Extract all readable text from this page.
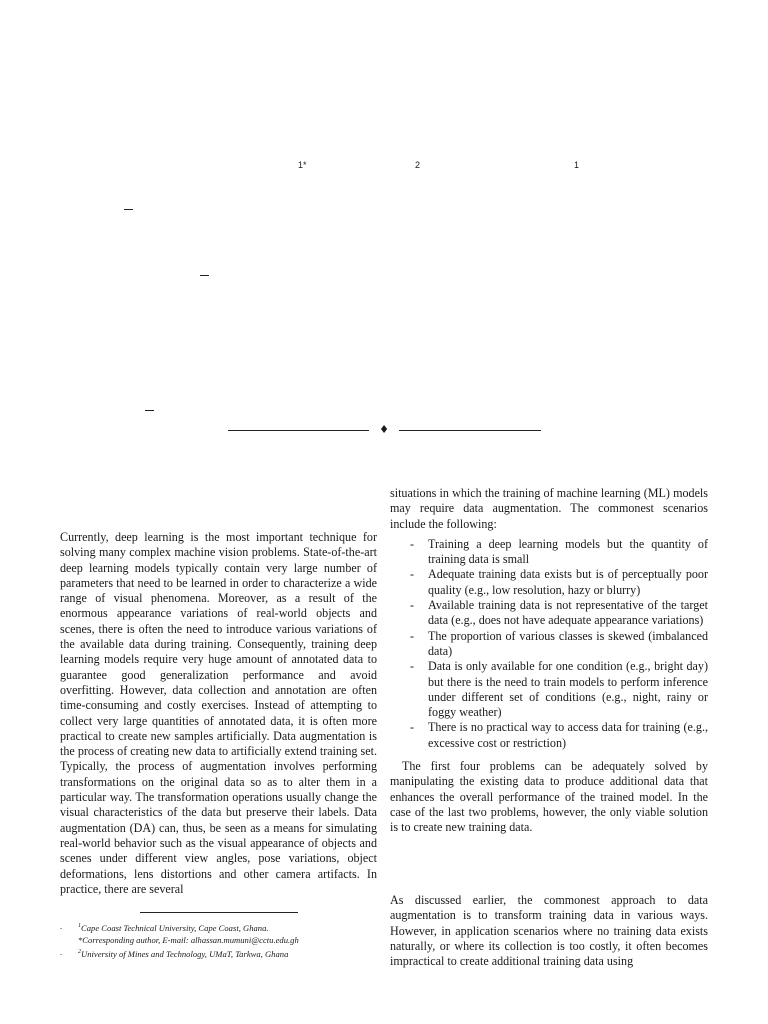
1*	2	1
♦

Currently, deep learning is the most important technique for solving many complex machine vision problems. State-of-the-art deep learning models typically contain very large number of parameters that need to be learned in order to characterize a wide range of visual phenomena. Moreover, as a result of the enormous appearance variations of real-world objects and scenes, there is often the need to introduce various variations of the available data during training. Consequently, training deep learning models require very huge amount of annotated data to guarantee good generalization performance and avoid overfitting. However, data collection and annotation are often time-consuming and costly exercises. Instead of attempting to collect very large quantities of annotated data, it is often more practical to create new samples artificially. Data augmentation is the process of creating new data to artificially extend training set. Typically, the process of augmentation involves performing transformations on the original data so as to alter them in a particular way. The transformation operations usually change the visual characteristics of the data but preserve their labels. Data augmentation (DA) can, thus, be seen as a means for simulating real-world behavior such as the visual appearance of objects and scenes under different view angles, pose variations, object deformations, lens distortions and other camera artifacts. In practice, there are several

.	$^1$Cape Coast Technical University, Cape Coast, Ghana.
*Corresponding author, E-mail: alhassan.mumuni@cctu.edu.gh
.	$^2$University of Mines and Technology, UMaT, Tarkwa, Ghana

situations in which the training of machine learning (ML) models may require data augmentation. The commonest scenarios include the following:

- Training a deep learning models but the quantity of training data is small
- Adequate training data exists but is of perceptually poor quality (e.g., low resolution, hazy or blurry)
- Available training data is not representative of the target data (e.g., does not have adequate appearance variations)
- The proportion of various classes is skewed (imbalanced data)
- Data is only available for one condition (e.g., bright day) but there is the need to train models to perform inference under different set of conditions (e.g., night, rainy or foggy weather)
- There is no practical way to access data for training (e.g., excessive cost or restriction)

The first four problems can be adequately solved by manipulating the existing data to produce additional data that enhances the overall performance of the trained model. In the case of the last two problems, however, the only viable solution is to create new training data.

As discussed earlier, the commonest approach to data augmentation is to transform training data in various ways. However, in application scenarios where no training data exists naturally, or where its collection is too costly, it often becomes impractical to create additional training data using
